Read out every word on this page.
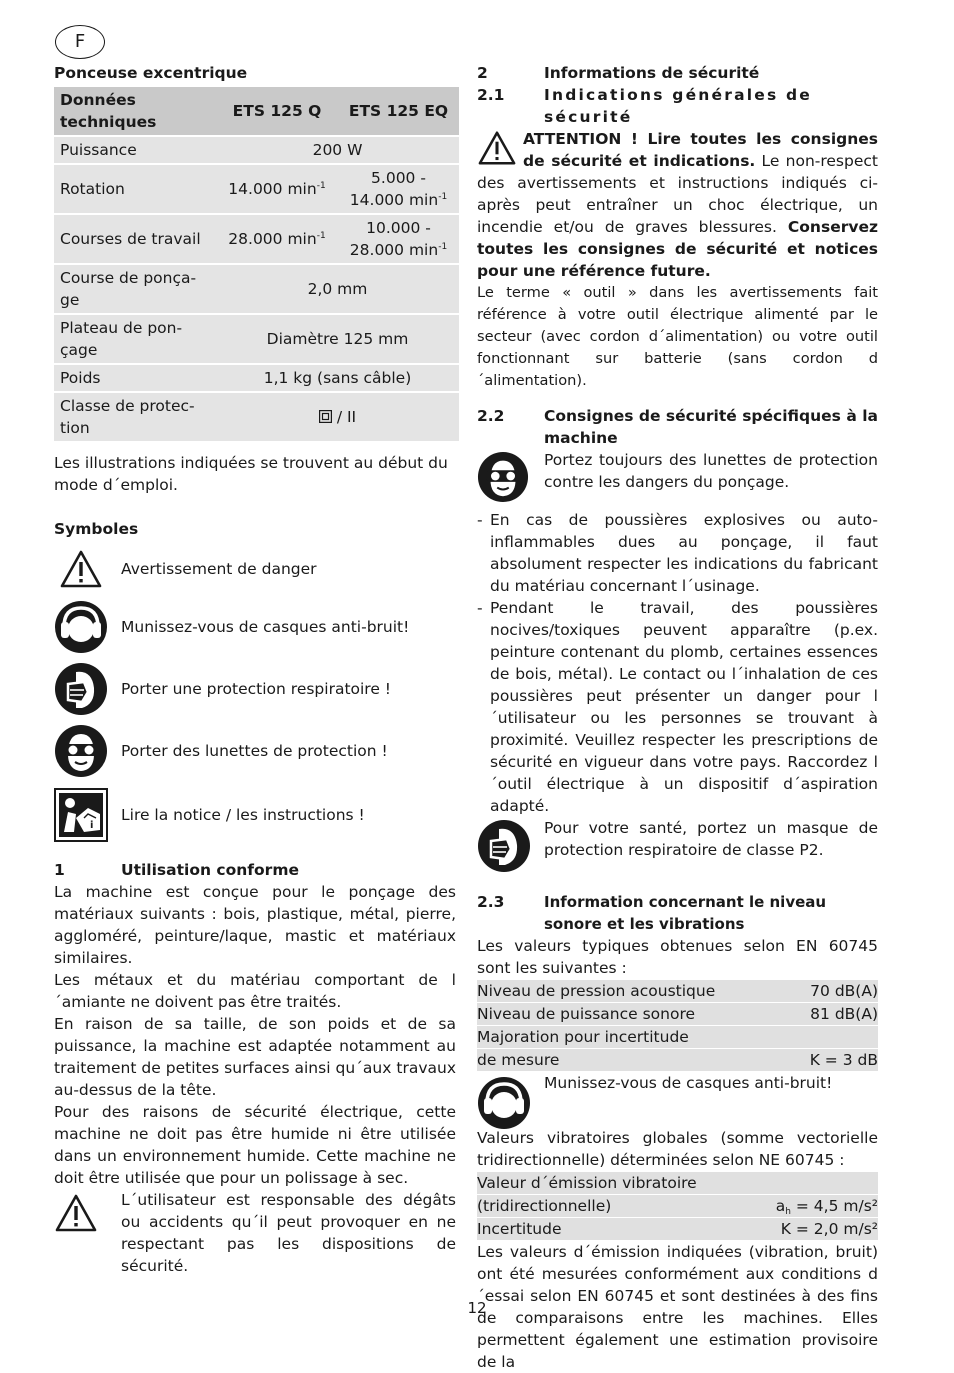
F

Ponceuse excentrique

Données techniques	ETS 125 Q	ETS 125 EQ
Puissance	200 W	
Rotation	14.000 $\min^{-1}$	5.000 - 14.000 $\min^{-1}$
Courses de travail	28.000 $\min^{-1}$	10.000 - 28.000 $\min^{-1}$
Course de ponça-ge	2,0 mm	
Plateau de pon-çage	Diamètre 125 mm	
Poids	1,1 kg (sans câble)	
Classe de protec-tion	/ II	

Les illustrations indiquées se trouvent au début du mode d´emploi.

Symboles

Avertissement de danger
Munissez-vous de casques anti-bruit!
Porter une protection respiratoire !
Porter des lunettes de protection !
i
Lire la notice / les instructions !
1	Utilisation conforme

La machine est conçue pour le ponçage des matériaux suivants : bois, plastique, métal, pierre, aggloméré, peinture/laque, mastic et matériaux similaires.

Les métaux et du matériau comportant de l´amiante ne doivent pas être traités.

En raison de sa taille, de son poids et de sa puissance, la machine est adaptée notamment au traitement de petites surfaces ainsi qu´aux travaux au-dessus de la tête.

Pour des raisons de sécurité électrique, cette machine ne doit pas être humide ni être utilisée dans un environnement humide. Cette machine ne doit être utilisée que pour un polissage à sec.

L´utilisateur est responsable des dégâts ou accidents qu´il peut provoquer en ne respectant pas les dispositions de sécurité.

2	Informations de sécurité
2.1	Indications générales de sécurité

ATTENTION ! Lire toutes les consignes de sécurité et indications. Le non-respect des avertissements et instructions indiqués ci-après peut entraîner un choc électrique, un incendie et/ou de graves blessures. Conservez toutes les consignes de sécurité et notices pour une référence future.

Le terme « outil » dans les avertissements fait référence à votre outil électrique alimenté par le secteur (avec cordon d´alimentation) ou votre outil fonctionnant sur batterie (sans cordon d´alimentation).

2.2	Consignes de sécurité spécifiques à la machine

Portez toujours des lunettes de protection contre les dangers du ponçage.

- En cas de poussières explosives ou auto-inflammables dues au ponçage, il faut absolument respecter les indications du fabricant du matériau concernant l´usinage.
- Pendant le travail, des poussières nocives/toxiques peuvent apparaître (p.ex. peinture contenant du plomb, certaines essences de bois, métal). Le contact ou l´inhalation de ces poussières peut présenter un danger pour l´utilisateur ou les personnes se trouvant à proximité. Veuillez respecter les prescriptions de sécurité en vigueur dans votre pays. Raccordez l´outil électrique à un dispositif d´aspiration adapté.

Pour votre santé, portez un masque de protection respiratoire de classe P2.

2.3	Information concernant le niveau sonore et les vibrations

Les valeurs typiques obtenues selon EN 60745 sont les suivantes :

Niveau de pression acoustique	70 dB(A)
Niveau de puissance sonore	81 dB(A)
Majoration pour incertitude
de mesure	K = 3 dB

Munissez-vous de casques anti-bruit!

Valeurs vibratoires globales (somme vectorielle tridirectionnelle) déterminées selon NE 60745 :

Valeur d´émission vibratoire
(tridirectionnelle)	$a_h = 4,5$ m/s²
Incertitude	K = 2,0 m/s²

Les valeurs d´émission indiquées (vibration, bruit) ont été mesurées conformément aux conditions d´essai selon EN 60745 et sont destinées à des fins de comparaisons entre les machines. Elles permettent également une estimation provisoire de la

12
